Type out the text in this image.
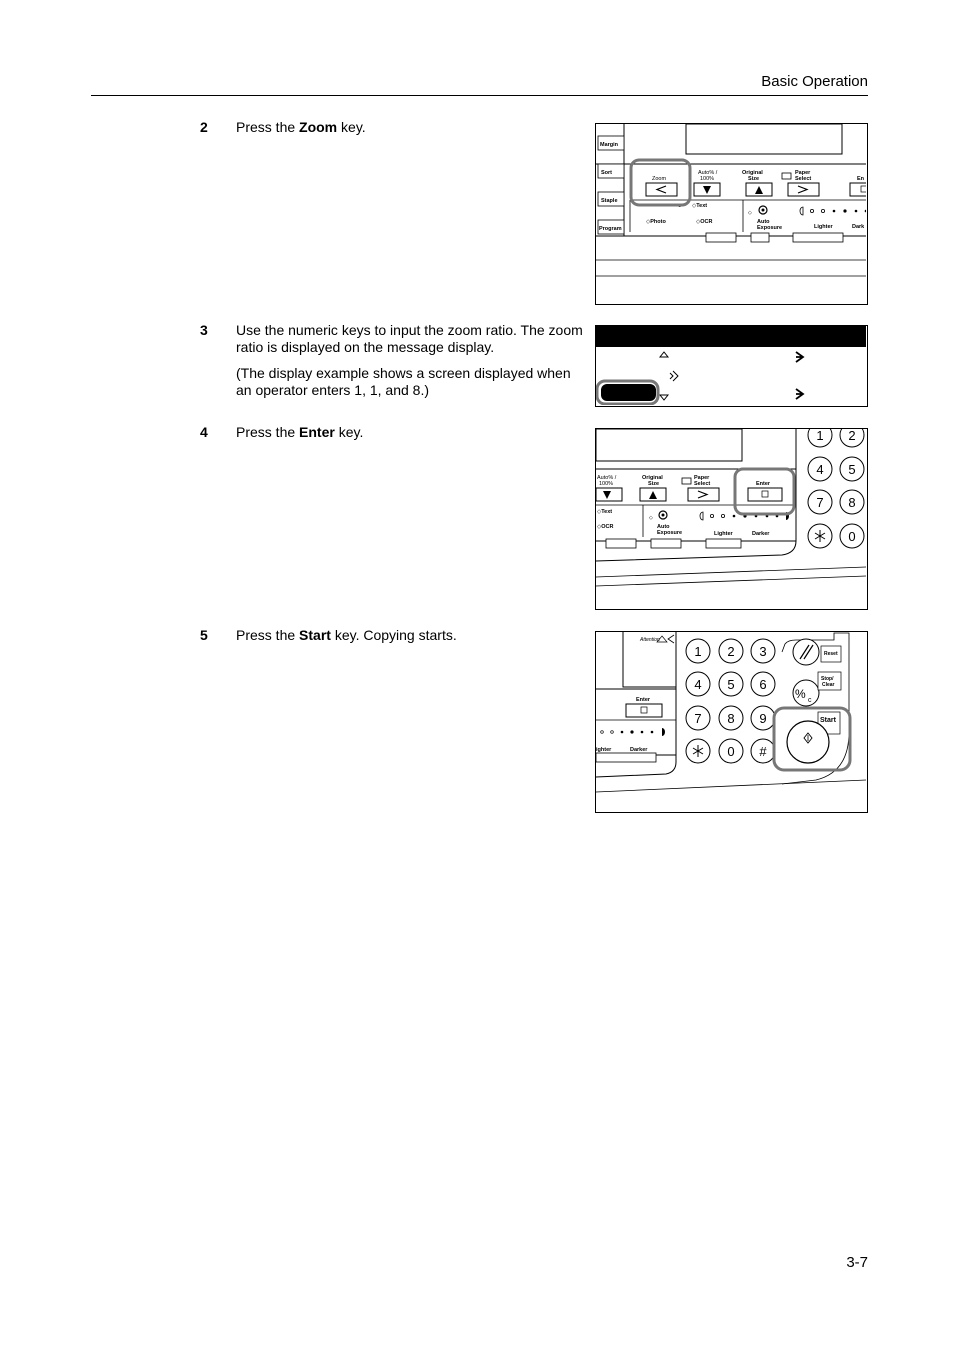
Basic Operation
2 Press the Zoom key.

3 Use the numeric keys to input the zoom ratio. The zoom ratio is displayed on the message display.

(The display example shows a screen displayed when an operator enters 1, 1, and 8.)

4 Press the Enter key.

5 Press the Start key. Copying starts.

Margin
Sort
Staple
Program
Zoom
Auto% /
100%
Original
Size
Paper
Select	En
o ◇Text
◇Photo	◇OCR
◇
Auto
Exposure	Lighter	Dark
Auto% /
100%
Original
Size
Paper
Select	Enter
◇Text
◇OCR
◇
Auto
Exposure	Lighter	Darker
1 2
4 5
7 8
0
Attention
Enter
ighter	Darker
1 2 3
4 5 6
7 8 9
0 #
Reset
% c
Stop/
Clear
Start
3-7
